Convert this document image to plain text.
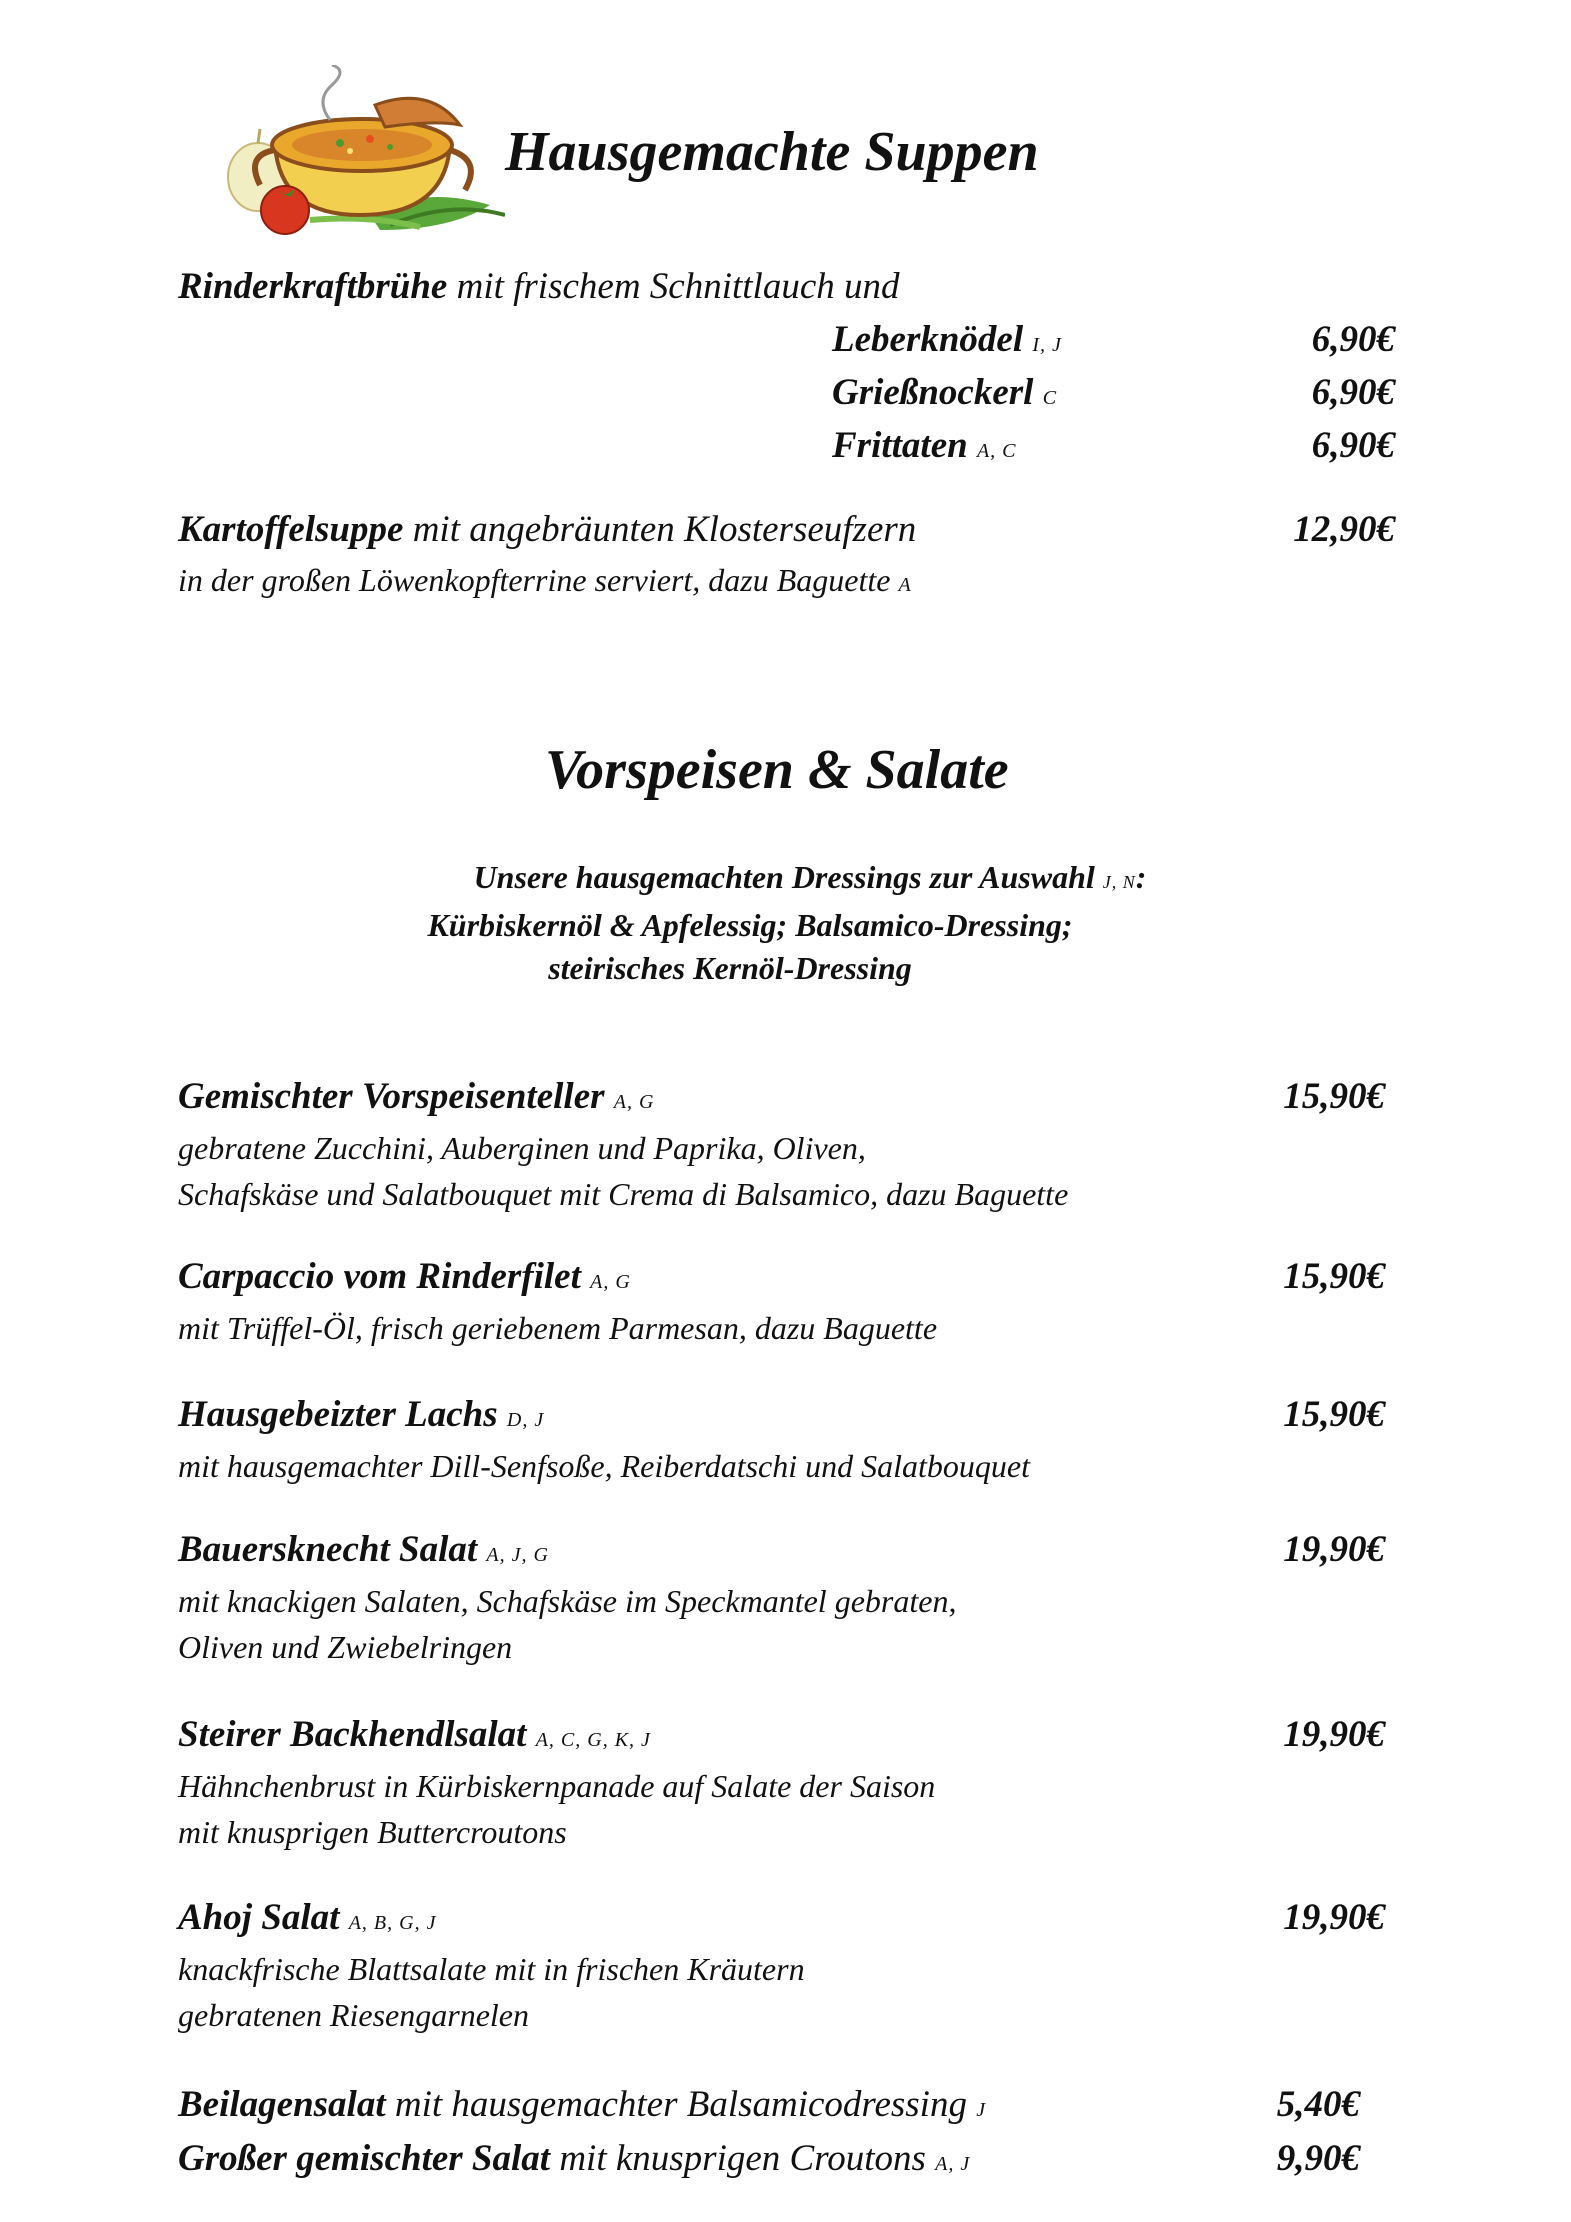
Hausgemachte Suppen
Rinderkraftbrühe mit frischem Schnittlauch und
Leberknödel I, J	6,90€
Grießnockerl C	6,90€
Frittaten A, C	6,90€
Kartoffelsuppe mit angebräunten Klosterseufzern	12,90€
in der großen Löwenkopfterrine serviert, dazu Baguette A
Vorspeisen & Salate
Unsere hausgemachten Dressings zur Auswahl J, N:
Kürbiskernöl & Apfelessig; Balsamico-Dressing;
steirisches Kernöl-Dressing
Gemischter Vorspeisenteller A, G	15,90€
gebratene Zucchini, Auberginen und Paprika, Oliven,
Schafskäse und Salatbouquet mit Crema di Balsamico, dazu Baguette
Carpaccio vom Rinderfilet A, G	15,90€
mit Trüffel-Öl, frisch geriebenem Parmesan, dazu Baguette
Hausgebeizter Lachs D, J	15,90€
mit hausgemachter Dill-Senfsoße, Reiberdatschi und Salatbouquet
Bauersknecht Salat A, J, G	19,90€
mit knackigen Salaten, Schafskäse im Speckmantel gebraten,
Oliven und Zwiebelringen
Steirer Backhendlsalat A, C, G, K, J	19,90€
Hähnchenbrust in Kürbiskernpanade auf Salate der Saison
mit knusprigen Buttercroutons
Ahoj Salat A, B, G, J	19,90€
knackfrische Blattsalate mit in frischen Kräutern
gebratenen Riesengarnelen
Beilagensalat mit hausgemachter Balsamicodressing J	5,40€
Großer gemischter Salat mit knusprigen Croutons A, J	9,90€
